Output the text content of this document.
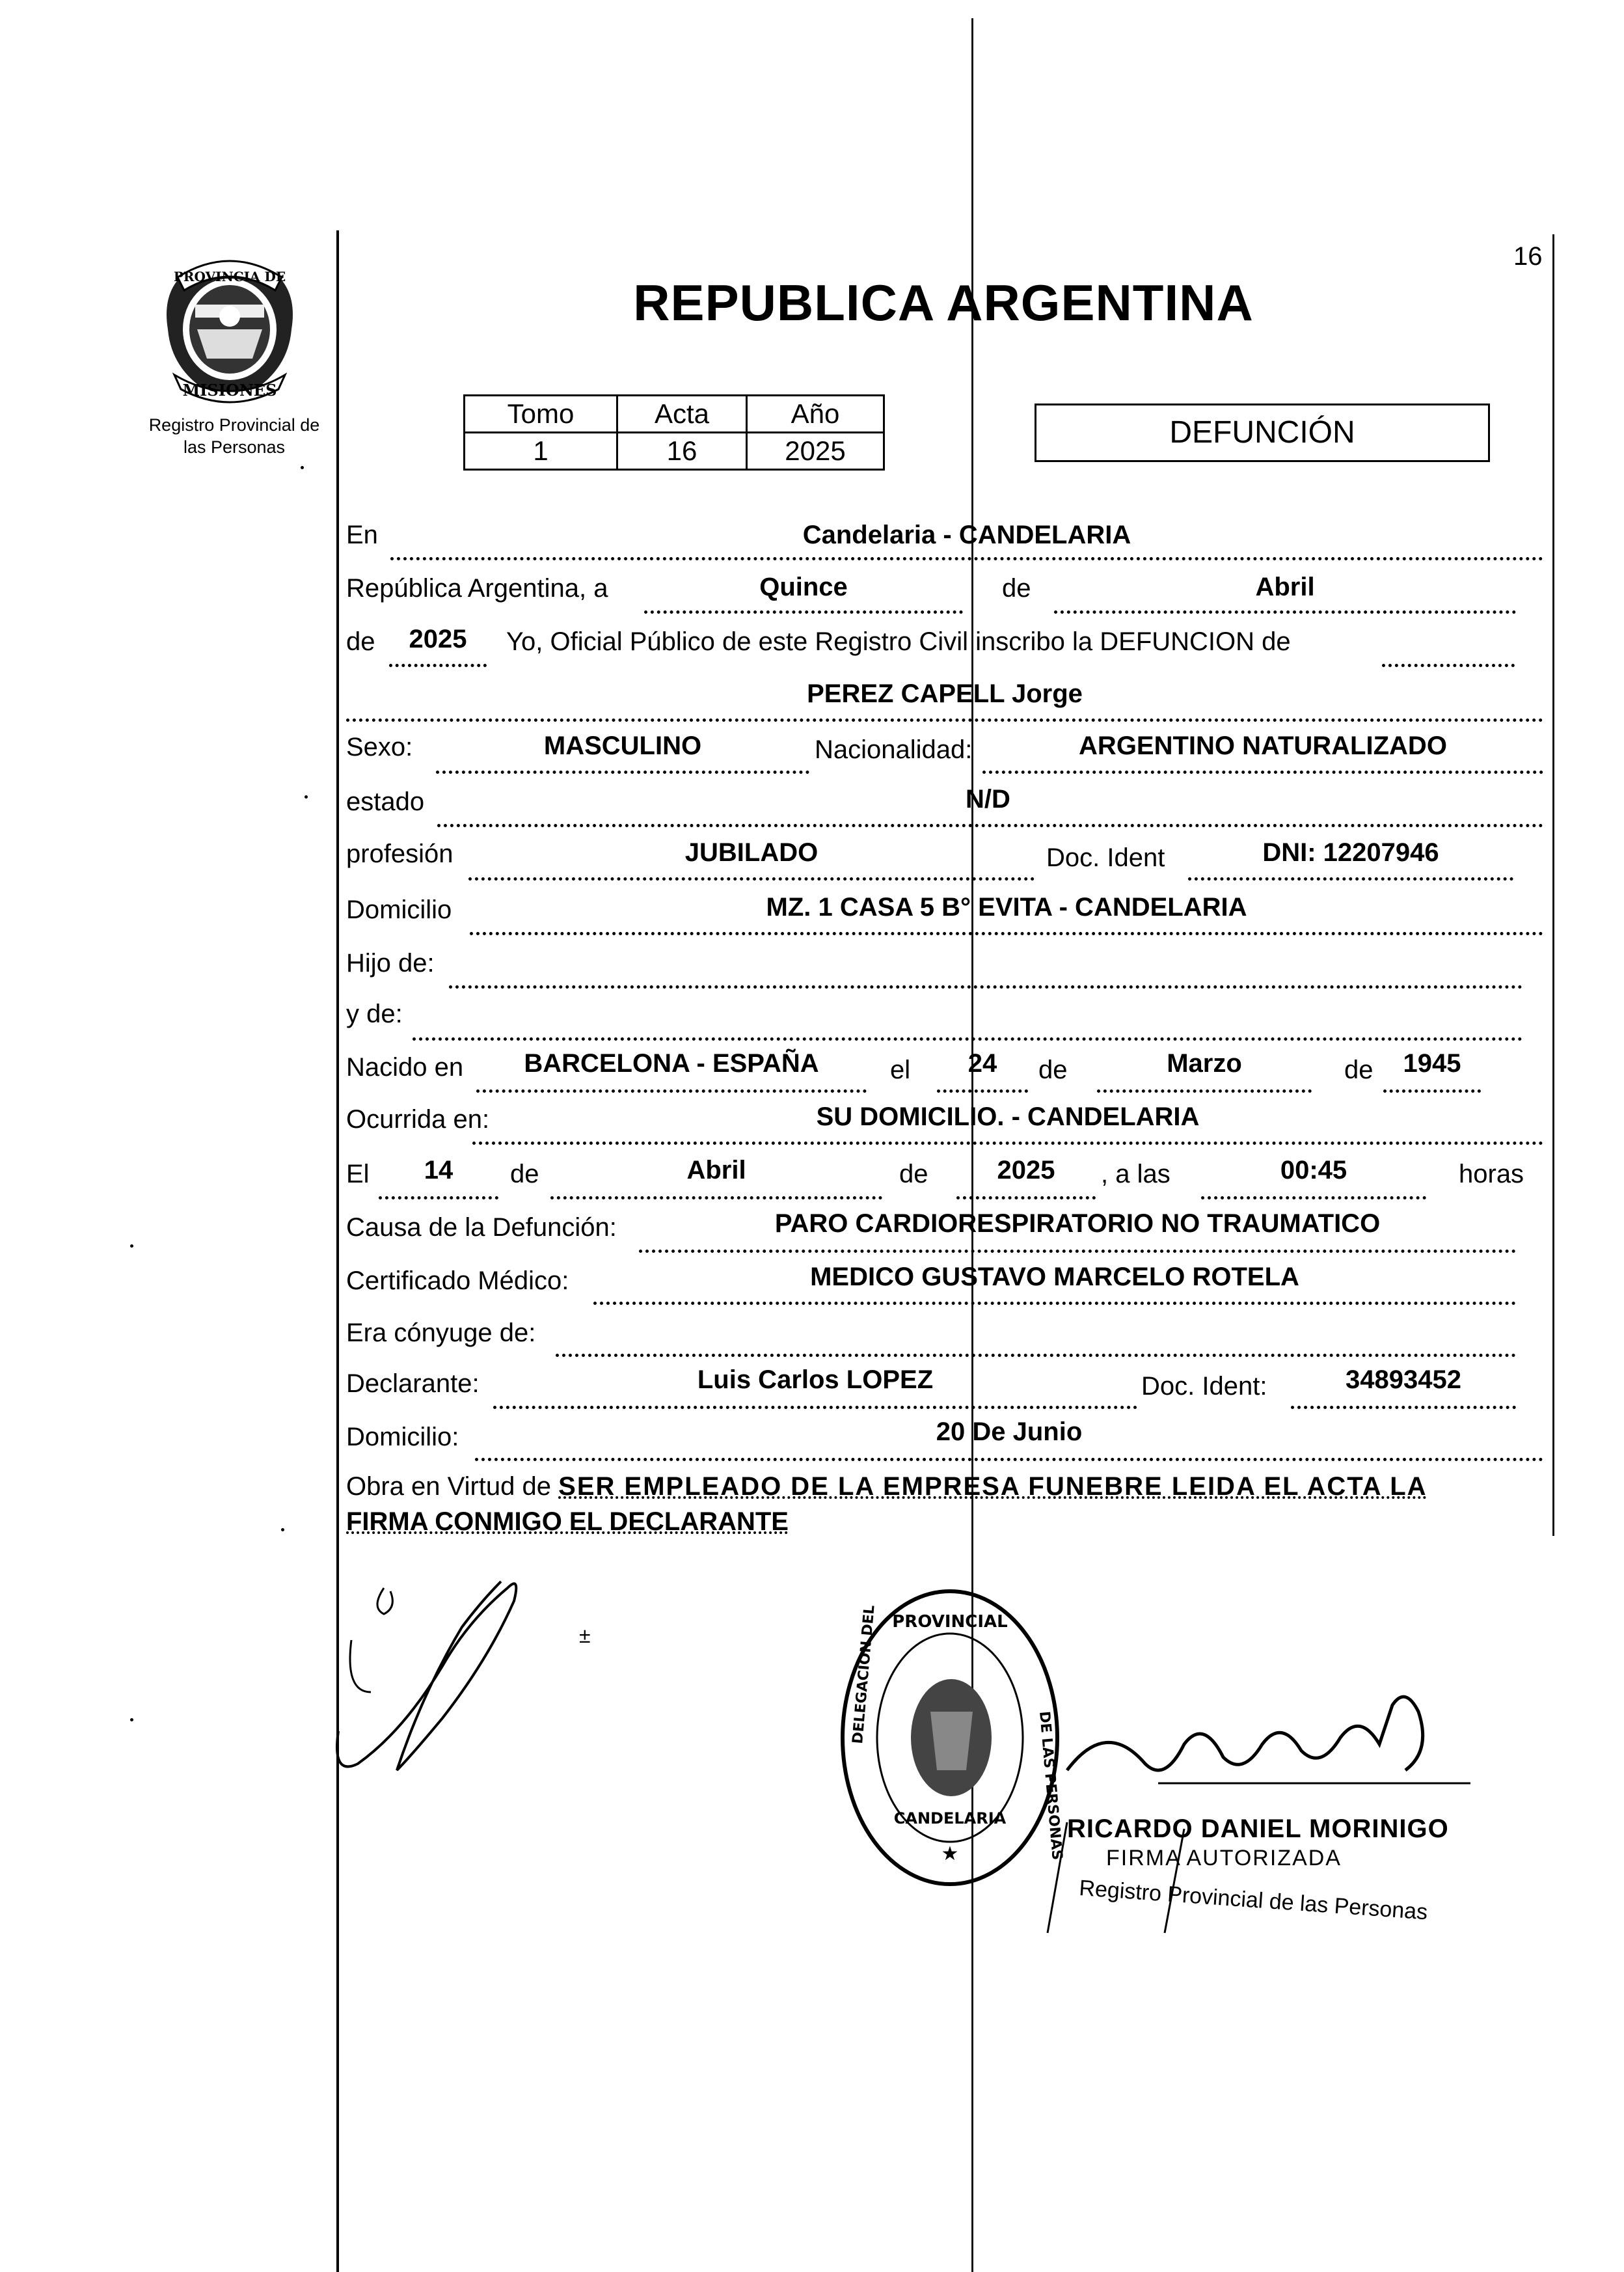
16
PROVINCIA DE
MISIONES
Registro Provincial de
las Personas
REPUBLICA ARGENTINA
Tomo	Acta	Año
1	16	2025
DEFUNCIÓN
En	Candelaria - CANDELARIA
República Argentina, a	Quince	de	Abril
de	2025	Yo, Oficial Público de este Registro Civil inscribo la DEFUNCION de
PEREZ CAPELL Jorge
Sexo:	MASCULINO	Nacionalidad:	ARGENTINO NATURALIZADO
estado	N/D
profesión	JUBILADO	Doc. Ident	DNI: 12207946
Domicilio	MZ. 1 CASA 5 B° EVITA - CANDELARIA
Hijo de:
y de:
Nacido en	BARCELONA - ESPAÑA	el	24	de	Marzo	de	1945
Ocurrida en:	SU DOMICILIO. - CANDELARIA
El	14	de	Abril	de	2025	, a las	00:45	horas
Causa de la Defunción:	PARO CARDIORESPIRATORIO NO TRAUMATICO
Certificado Médico:	MEDICO GUSTAVO MARCELO ROTELA
Era cónyuge de:
Declarante:	Luis Carlos LOPEZ	Doc. Ident:	34893452
Domicilio:	20 De Junio
Obra en Virtud de SER EMPLEADO DE LA EMPRESA FUNEBRE LEIDA EL ACTA LA
FIRMA CONMIGO EL DECLARANTE
±
PROVINCIAL
DELEGACION DEL
DE LAS PERSONAS
CANDELARIA
★
RICARDO DANIEL MORINIGO
FIRMA AUTORIZADA
Registro Provincial de las Personas
